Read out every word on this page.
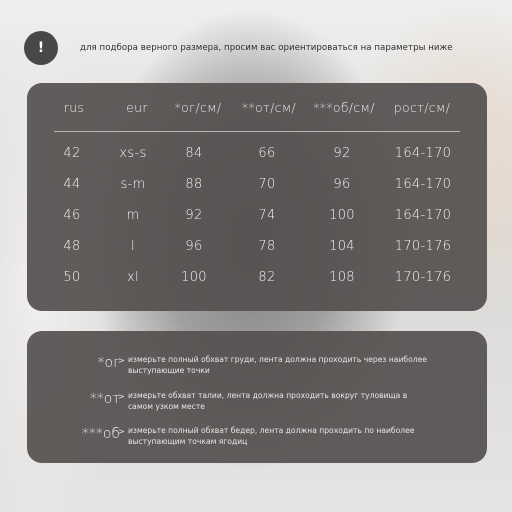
!	для подбора верного размера, просим вас ориентироваться на параметры ниже
rus	eur *ог/см/ **от/см/ ***об/см/ рост/см/
42	xs-s	84	66	92	164-170
44	s-m	88	70	96	164-170
46	m	92	74	100	164-170
48	l	96	78	104	170-176
50	xl	100	82	108	170-176
*ог
> измерьте полный обхват груди, лента должна проходить через наиболее выступающие точки
**от
> измерьте обхват талии, лента должна проходить вокруг туловища в самом узком месте
***об
> измерьте полный обхват бедер, лента должна проходить по наиболее выступающим точкам ягодиц
